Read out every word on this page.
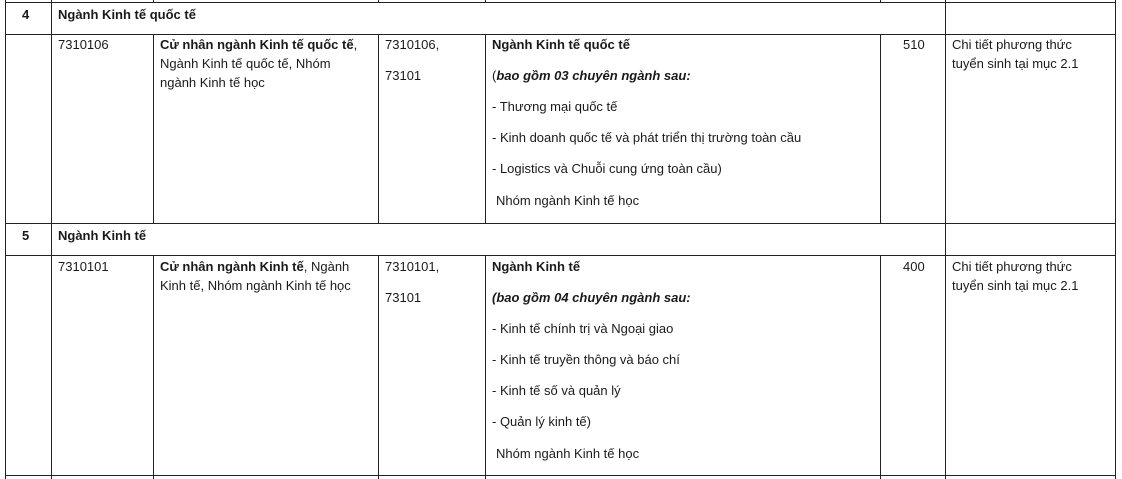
4 Ngành Kinh tế quốc tế
7310106	Cử nhân ngành Kinh tế quốc tế,
Ngành Kinh tế quốc tế, Nhóm
ngành Kinh tế học
7310106,
73101
Ngành Kinh tế quốc tế
(bao gồm 03 chuyên ngành sau:
- Thương mại quốc tế
- Kinh doanh quốc tế và phát triển thị trường toàn cầu
- Logistics và Chuỗi cung ứng toàn cầu)
Nhóm ngành Kinh tế học
510 Chi tiết phương thức
tuyển sinh tại mục 2.1
5 Ngành Kinh tế
7310101	Cử nhân ngành Kinh tế, Ngành
Kinh tế, Nhóm ngành Kinh tế học
7310101,
73101
Ngành Kinh tế
(bao gồm 04 chuyên ngành sau:
- Kinh tế chính trị và Ngoại giao
- Kinh tế truyền thông và báo chí
- Kinh tế số và quản lý
- Quản lý kinh tế)
Nhóm ngành Kinh tế học
400 Chi tiết phương thức
tuyển sinh tại mục 2.1
